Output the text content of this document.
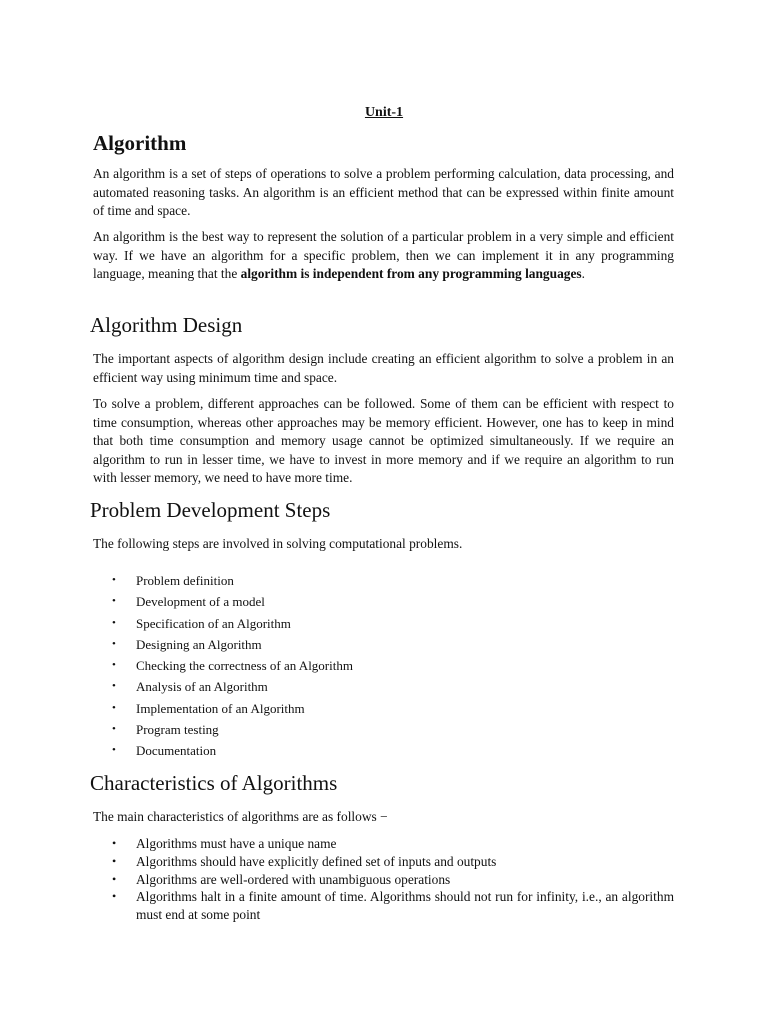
Unit-1
Algorithm

An algorithm is a set of steps of operations to solve a problem performing calculation, data processing, and automated reasoning tasks. An algorithm is an efficient method that can be expressed within finite amount of time and space.

An algorithm is the best way to represent the solution of a particular problem in a very simple and efficient way. If we have an algorithm for a specific problem, then we can implement it in any programming language, meaning that the algorithm is independent from any programming languages.

Algorithm Design

The important aspects of algorithm design include creating an efficient algorithm to solve a problem in an efficient way using minimum time and space.

To solve a problem, different approaches can be followed. Some of them can be efficient with respect to time consumption, whereas other approaches may be memory efficient. However, one has to keep in mind that both time consumption and memory usage cannot be optimized simultaneously. If we require an algorithm to run in lesser time, we have to invest in more memory and if we require an algorithm to run with lesser memory, we need to have more time.

Problem Development Steps

The following steps are involved in solving computational problems.

• Problem definition
• Development of a model
• Specification of an Algorithm
• Designing an Algorithm
• Checking the correctness of an Algorithm
• Analysis of an Algorithm
• Implementation of an Algorithm
• Program testing
• Documentation
Characteristics of Algorithms

The main characteristics of algorithms are as follows −

• Algorithms must have a unique name
• Algorithms should have explicitly defined set of inputs and outputs
• Algorithms are well-ordered with unambiguous operations
• Algorithms halt in a finite amount of time. Algorithms should not run for infinity, i.e., an algorithm must end at some point
